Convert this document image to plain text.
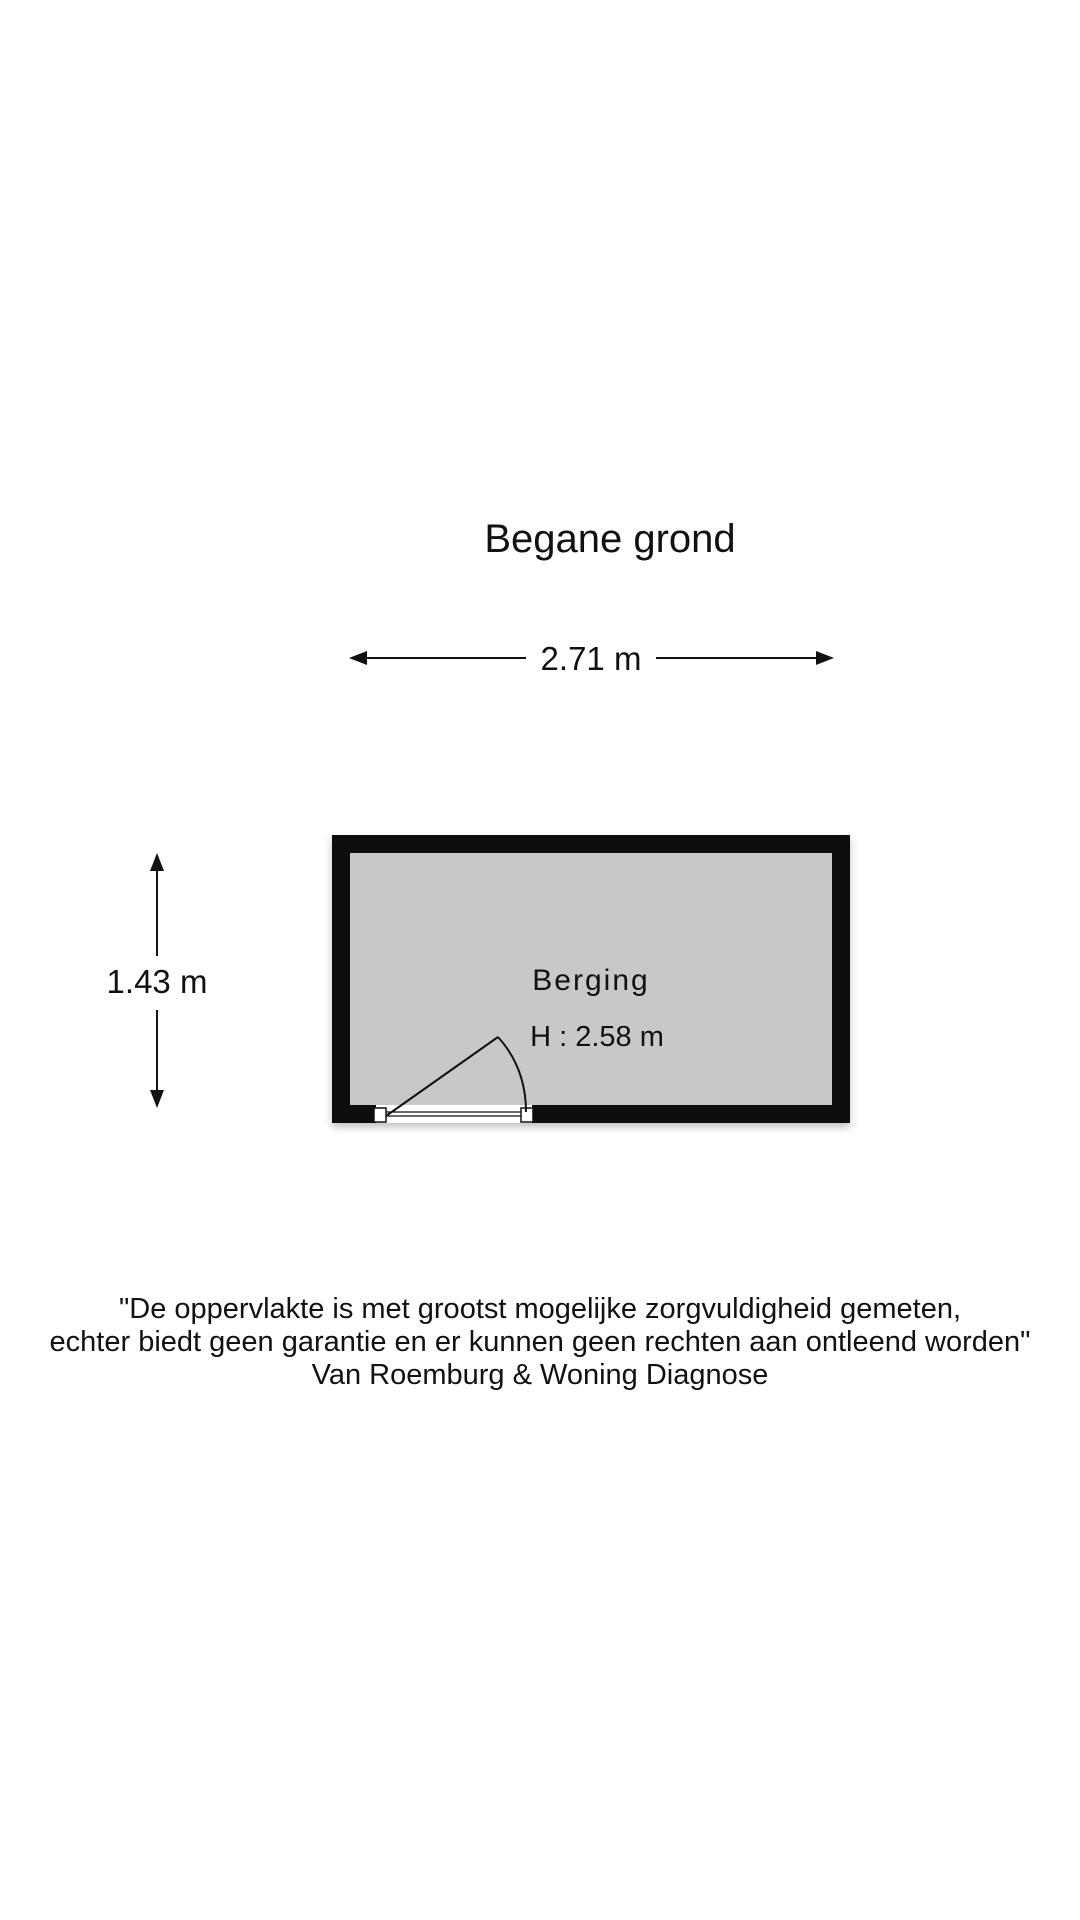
Begane grond
2.71 m
1.43 m	Berging
H : 2.58 m
"De oppervlakte is met grootst mogelijke zorgvuldigheid gemeten,
echter biedt geen garantie en er kunnen geen rechten aan ontleend worden"
Van Roemburg & Woning Diagnose
